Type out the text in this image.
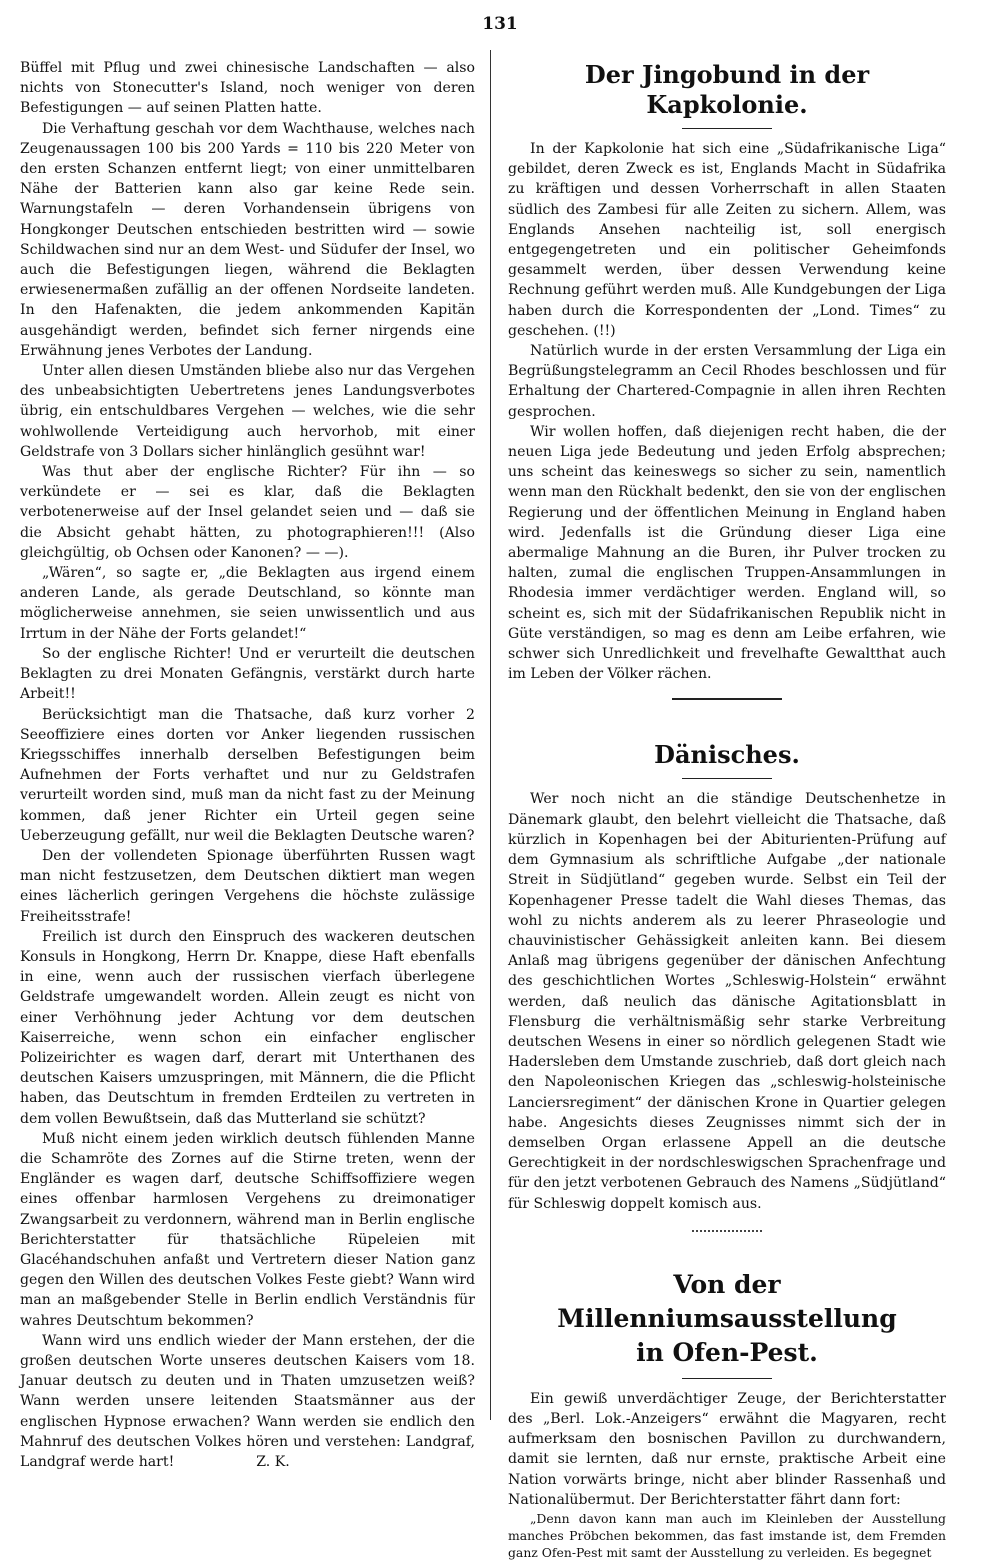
131

Büffel mit Pflug und zwei chinesische Landschaften — also nichts von Stonecutter's Island, noch weniger von deren Befestigungen — auf seinen Platten hatte.

Die Verhaftung geschah vor dem Wachthause, welches nach Zeugenaussagen 100 bis 200 Yards = 110 bis 220 Meter von den ersten Schanzen entfernt liegt; von einer unmittelbaren Nähe der Batterien kann also gar keine Rede sein. Warnungstafeln — deren Vorhandensein übrigens von Hongkonger Deutschen entschieden bestritten wird — sowie Schildwachen sind nur an dem West- und Südufer der Insel, wo auch die Befestigungen liegen, während die Beklagten erwiesenermaßen zufällig an der offenen Nordseite landeten. In den Hafenakten, die jedem ankommenden Kapitän ausgehändigt werden, befindet sich ferner nirgends eine Erwähnung jenes Verbotes der Landung.

Unter allen diesen Umständen bliebe also nur das Vergehen des unbeabsichtigten Uebertretens jenes Landungsverbotes übrig, ein entschuldbares Vergehen — welches, wie die sehr wohlwollende Verteidigung auch hervorhob, mit einer Geldstrafe von 3 Dollars sicher hinlänglich gesühnt war!

Was thut aber der englische Richter? Für ihn — so verkündete er — sei es klar, daß die Beklagten verbotenerweise auf der Insel gelandet seien und — daß sie die Absicht gehabt hätten, zu photographieren!!! (Also gleichgültig, ob Ochsen oder Kanonen? — —).

„Wären“, so sagte er, „die Beklagten aus irgend einem anderen Lande, als gerade Deutschland, so könnte man möglicherweise annehmen, sie seien unwissentlich und aus Irrtum in der Nähe der Forts gelandet!“

So der englische Richter! Und er verurteilt die deutschen Beklagten zu drei Monaten Gefängnis, verstärkt durch harte Arbeit!!

Berücksichtigt man die Thatsache, daß kurz vorher 2 Seeoffiziere eines dorten vor Anker liegenden russischen Kriegsschiffes innerhalb derselben Befestigungen beim Aufnehmen der Forts verhaftet und nur zu Geldstrafen verurteilt worden sind, muß man da nicht fast zu der Meinung kommen, daß jener Richter ein Urteil gegen seine Ueberzeugung gefällt, nur weil die Beklagten Deutsche waren?

Den der vollendeten Spionage überführten Russen wagt man nicht festzusetzen, dem Deutschen diktiert man wegen eines lächerlich geringen Vergehens die höchste zulässige Freiheitsstrafe!

Freilich ist durch den Einspruch des wackeren deutschen Konsuls in Hongkong, Herrn Dr. Knappe, diese Haft ebenfalls in eine, wenn auch der russischen vierfach überlegene Geldstrafe umgewandelt worden. Allein zeugt es nicht von einer Verhöhnung jeder Achtung vor dem deutschen Kaiserreiche, wenn schon ein einfacher englischer Polizeirichter es wagen darf, derart mit Unterthanen des deutschen Kaisers umzuspringen, mit Männern, die die Pflicht haben, das Deutschtum in fremden Erdteilen zu vertreten in dem vollen Bewußtsein, daß das Mutterland sie schützt?

Muß nicht einem jeden wirklich deutsch fühlenden Manne die Schamröte des Zornes auf die Stirne treten, wenn der Engländer es wagen darf, deutsche Schiffsoffiziere wegen eines offenbar harmlosen Vergehens zu dreimonatiger Zwangsarbeit zu verdonnern, während man in Berlin englische Berichterstatter für thatsächliche Rüpeleien mit Glacéhandschuhen anfaßt und Vertretern dieser Nation ganz gegen den Willen des deutschen Volkes Feste giebt? Wann wird man an maßgebender Stelle in Berlin endlich Verständnis für wahres Deutschtum bekommen?

Wann wird uns endlich wieder der Mann erstehen, der die großen deutschen Worte unseres deutschen Kaisers vom 18. Januar deutsch zu deuten und in Thaten umzusetzen weiß? Wann werden unsere leitenden Staatsmänner aus der englischen Hypnose erwachen? Wann werden sie endlich den Mahnruf des deutschen Volkes hören und verstehen: Landgraf, Landgraf werde hart!	Z. K.

Der Jingobund in der Kapkolonie.

In der Kapkolonie hat sich eine „Südafrikanische Liga“ gebildet, deren Zweck es ist, Englands Macht in Südafrika zu kräftigen und dessen Vorherrschaft in allen Staaten südlich des Zambesi für alle Zeiten zu sichern. Allem, was Englands Ansehen nachteilig ist, soll energisch entgegengetreten und ein politischer Geheimfonds gesammelt werden, über dessen Verwendung keine Rechnung geführt werden muß. Alle Kundgebungen der Liga haben durch die Korrespondenten der „Lond. Times“ zu geschehen. (!!)

Natürlich wurde in der ersten Versammlung der Liga ein Begrüßungstelegramm an Cecil Rhodes beschlossen und für Erhaltung der Chartered-Compagnie in allen ihren Rechten gesprochen.

Wir wollen hoffen, daß diejenigen recht haben, die der neuen Liga jede Bedeutung und jeden Erfolg absprechen; uns scheint das keineswegs so sicher zu sein, namentlich wenn man den Rückhalt bedenkt, den sie von der englischen Regierung und der öffentlichen Meinung in England haben wird. Jedenfalls ist die Gründung dieser Liga eine abermalige Mahnung an die Buren, ihr Pulver trocken zu halten, zumal die englischen Truppen-Ansammlungen in Rhodesia immer verdächtiger werden. England will, so scheint es, sich mit der Südafrikanischen Republik nicht in Güte verständigen, so mag es denn am Leibe erfahren, wie schwer sich Unredlichkeit und frevelhafte Gewaltthat auch im Leben der Völker rächen.

Dänisches.

Wer noch nicht an die ständige Deutschenhetze in Dänemark glaubt, den belehrt vielleicht die Thatsache, daß kürzlich in Kopenhagen bei der Abiturienten-Prüfung auf dem Gymnasium als schriftliche Aufgabe „der nationale Streit in Südjütland“ gegeben wurde. Selbst ein Teil der Kopenhagener Presse tadelt die Wahl dieses Themas, das wohl zu nichts anderem als zu leerer Phraseologie und chauvinistischer Gehässigkeit anleiten kann. Bei diesem Anlaß mag übrigens gegenüber der dänischen Anfechtung des geschichtlichen Wortes „Schleswig-Holstein“ erwähnt werden, daß neulich das dänische Agitationsblatt in Flensburg die verhältnismäßig sehr starke Verbreitung deutschen Wesens in einer so nördlich gelegenen Stadt wie Hadersleben dem Umstande zuschrieb, daß dort gleich nach den Napoleonischen Kriegen das „schleswig-holsteinische Lanciersregiment“ der dänischen Krone in Quartier gelegen habe. Angesichts dieses Zeugnisses nimmt sich der in demselben Organ erlassene Appell an die deutsche Gerechtigkeit in der nordschleswigschen Sprachenfrage und für den jetzt verbotenen Gebrauch des Namens „Südjütland“ für Schleswig doppelt komisch aus.

Von der Millenniumsausstellung
in Ofen-Pest.

Ein gewiß unverdächtiger Zeuge, der Berichterstatter des „Berl. Lok.-Anzeigers“ erwähnt die Magyaren, recht aufmerksam den bosnischen Pavillon zu durchwandern, damit sie lernten, daß nur ernste, praktische Arbeit eine Nation vorwärts bringe, nicht aber blinder Rassenhaß und Nationalübermut. Der Berichterstatter fährt dann fort:

„Denn davon kann man auch im Kleinleben der Ausstellung manches Pröbchen bekommen, das fast imstande ist, dem Fremden ganz Ofen-Pest mit samt der Ausstellung zu verleiden. Es begegnet
